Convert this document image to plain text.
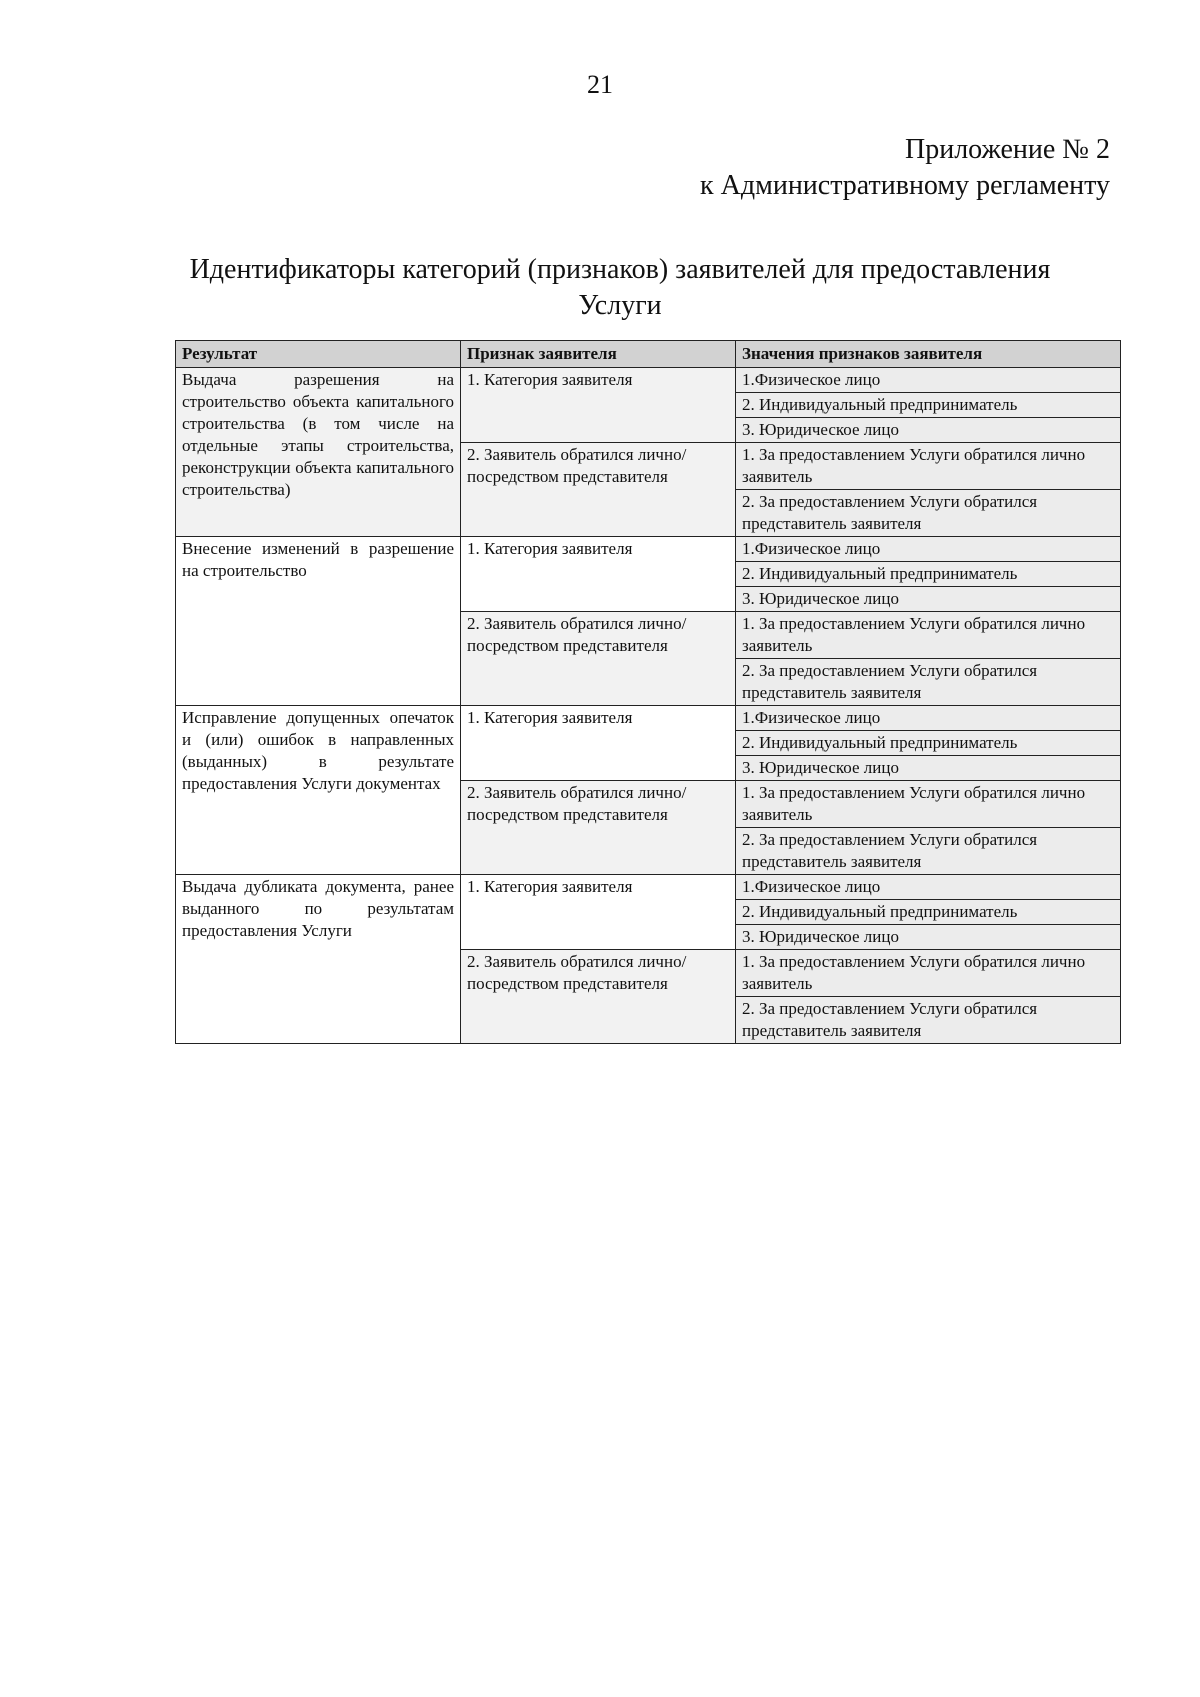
21
Приложение № 2
к Административному регламенту
Идентификаторы категорий (признаков) заявителей для предоставления
Услуги
Результат	Признак заявителя	Значения признаков заявителя
Выдача разрешения на строительство объекта капитального строительства (в том числе на отдельные этапы строительства, реконструкции объекта капитального строительства)	1. Категория заявителя	1.Физическое лицо
		2. Индивидуальный предприниматель
		3. Юридическое лицо
	2. Заявитель обратился лично/посредством представителя	1. За предоставлением Услуги обратился лично заявитель
		2. За предоставлением Услуги обратился представитель заявителя
Внесение изменений в разрешение на строительство	1. Категория заявителя	1.Физическое лицо
		2. Индивидуальный предприниматель
		3. Юридическое лицо
	2. Заявитель обратился лично/посредством представителя	1. За предоставлением Услуги обратился лично заявитель
		2. За предоставлением Услуги обратился представитель заявителя
Исправление допущенных опечаток и (или) ошибок в направленных (выданных) в результате предоставления Услуги документах	1. Категория заявителя	1.Физическое лицо
		2. Индивидуальный предприниматель
		3. Юридическое лицо
	2. Заявитель обратился лично/посредством представителя	1. За предоставлением Услуги обратился лично заявитель
		2. За предоставлением Услуги обратился представитель заявителя
Выдача дубликата документа, ранее выданного по результатам предоставления Услуги	1. Категория заявителя	1.Физическое лицо
		2. Индивидуальный предприниматель
		3. Юридическое лицо
	2. Заявитель обратился лично/посредством представителя	1. За предоставлением Услуги обратился лично заявитель
		2. За предоставлением Услуги обратился представитель заявителя
